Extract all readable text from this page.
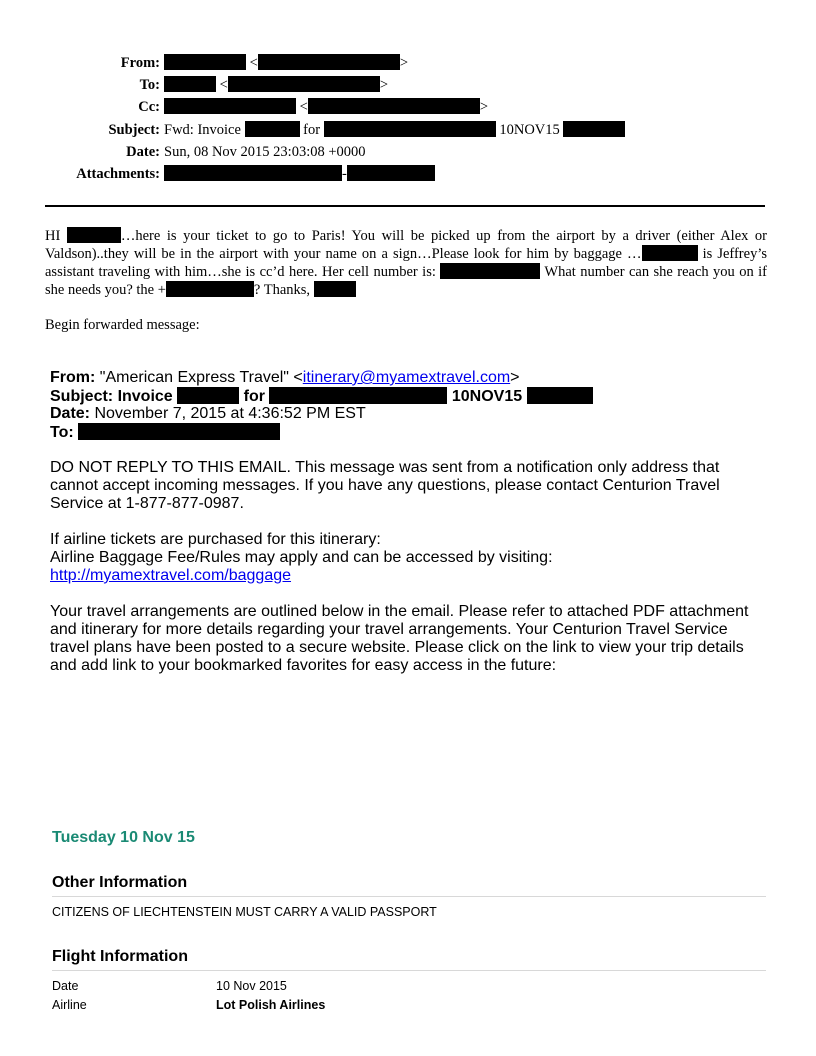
From:	<	>
To:	<	>
Cc:	<	>
Subject: Fwd: Invoice	for	10NOV15
Date: Sun, 08 Nov 2015 23:03:08 +0000
Attachments:	-
HI	…here is your ticket to go to Paris! You will be picked up from the airport by a driver (either Alex or Valdson)..they will be in the airport with your name on a sign…Please look for him by baggage …	is Jeffrey’s assistant traveling with him…she is cc’d here. Her cell number is:	What number can she reach you on if she needs you? the +	? Thanks,
Begin forwarded message:
From: "American Express Travel" <itinerary@myamextravel.com>
Subject: Invoice	for	10NOV15
Date: November 7, 2015 at 4:36:52 PM EST
To:
DO NOT REPLY TO THIS EMAIL. This message was sent from a notification only address that cannot accept incoming messages. If you have any questions, please contact Centurion Travel Service at 1-877-877-0987.
If airline tickets are purchased for this itinerary:
Airline Baggage Fee/Rules may apply and can be accessed by visiting:
http://myamextravel.com/baggage
Your travel arrangements are outlined below in the email. Please refer to attached PDF attachment and itinerary for more details regarding your travel arrangements. Your Centurion Travel Service travel plans have been posted to a secure website. Please click on the link to view your trip details and add link to your bookmarked favorites for easy access in the future:
Tuesday 10 Nov 15
Other Information
CITIZENS OF LIECHTENSTEIN MUST CARRY A VALID PASSPORT
Flight Information
Date	10 Nov 2015
Airline	Lot Polish Airlines
